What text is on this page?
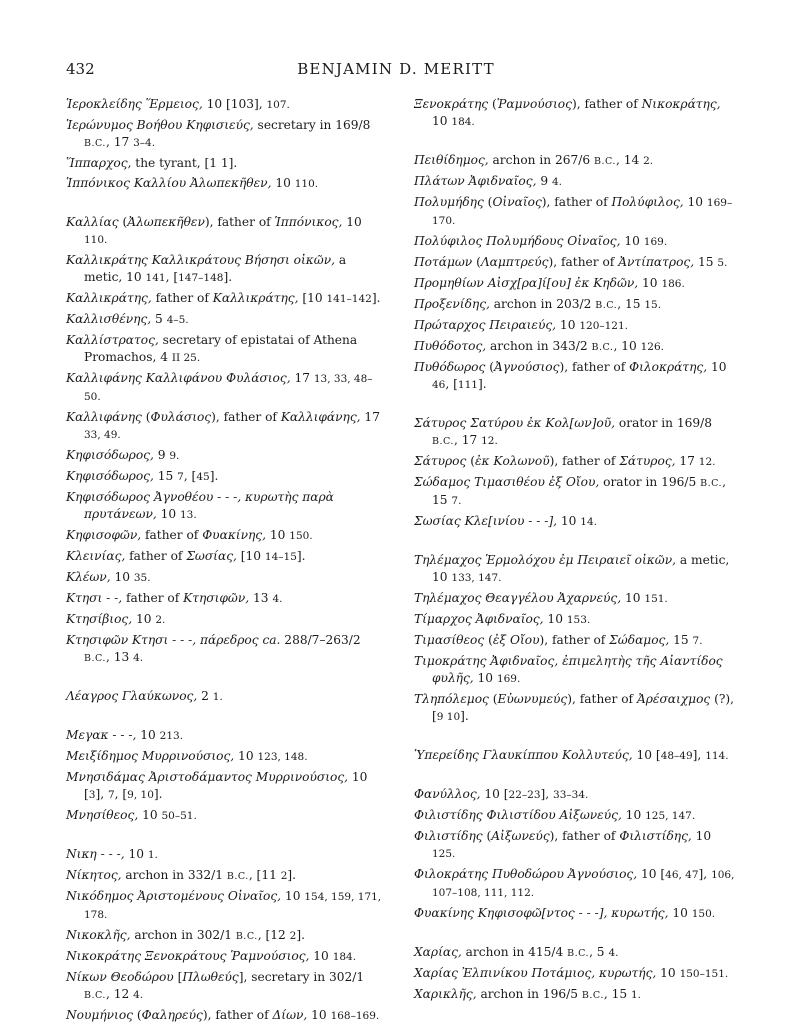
432	BENJAMIN D. MERITT

Ἱεροκλείδης Ἕρμειος, 10 [103], 107.

Ἱερώνυμος Βοήθου Κηφισιεύς, secretary in 169/8 B.C., 17 3–4.

Ἵππαρχος, the tyrant, [1 1].

Ἱππόνικος Καλλίου Ἀλωπεκῆθεν, 10 110.

Καλλίας (Ἀλωπεκῆθεν), father of Ἱππόνικος, 10 110.

Καλλικράτης Καλλικράτους Βήσησι οἰκῶν, a metic, 10 141, [147–148].

Καλλικράτης, father of Καλλικράτης, [10 141–142].

Καλλισθένης, 5 4–5.

Καλλίστρατος, secretary of epistatai of Athena Promachos, 4 II 25.

Καλλιφάνης Καλλιφάνου Φυλάσιος, 17 13, 33, 48–50.

Καλλιφάνης (Φυλάσιος), father of Καλλιφάνης, 17 33, 49.

Κηφισόδωρος, 9 9.

Κηφισόδωρος, 15 7, [45].

Κηφισόδωρος Ἀγνοθέου - - -, κυρωτὴς παρὰ πρυτάνεων, 10 13.

Κηφισοφῶν, father of Φυακίνης, 10 150.

Κλεινίας, father of Σωσίας, [10 14–15].

Κλέων, 10 35.

Κτησι - -, father of Κτησιφῶν, 13 4.

Κτησίβιος, 10 2.

Κτησιφῶν Κτησι - - -, πάρεδρος ca. 288/7–263/2 B.C., 13 4.

Λέαγρος Γλαύκωνος, 2 1.

Μεγακ - - -, 10 213.

Μειξίδημος Μυρρινούσιος, 10 123, 148.

Μνησιδάμας Ἀριστοδάμαντος Μυρρινούσιος, 10 [3], 7, [9, 10].

Μνησίθεος, 10 50–51.

Νικη - - -, 10 1.

Νίκητος, archon in 332/1 B.C., [11 2].

Νικόδημος Ἀριστομένους Οἰναῖος, 10 154, 159, 171, 178.

Νικοκλῆς, archon in 302/1 B.C., [12 2].

Νικοκράτης Ξενοκράτους Ῥαμνούσιος, 10 184.

Νίκων Θεοδώρου [Πλωθεύς], secretary in 302/1 B.C., 12 4.

Νουμήνιος (Φαληρεύς), father of Δίων, 10 168–169.

Ξενοκράτης (Ῥαμνούσιος), father of Νικοκράτης, 10 184.

Πειθίδημος, archon in 267/6 B.C., 14 2.

Πλάτων Ἀφιδναῖος, 9 4.

Πολυμήδης (Οἰναῖος), father of Πολύφιλος, 10 169–170.

Πολύφιλος Πολυμήδους Οἰναῖος, 10 169.

Ποτάμων (Λαμπτρεύς), father of Ἀντίπατρος, 15 5.

Προμηθίων Αἰσχ[ρα]ί[ου] ἐκ Κηδῶν, 10 186.

Προξενίδης, archon in 203/2 B.C., 15 15.

Πρώταρχος Πειραιεύς, 10 120–121.

Πυθόδοτος, archon in 343/2 B.C., 10 126.

Πυθόδωρος (Ἀγνούσιος), father of Φιλοκράτης, 10 46, [111].

Σάτυρος Σατύρου ἐκ Κολ[ων]οῦ, orator in 169/8 B.C., 17 12.

Σάτυρος (ἐκ Κολωνοῦ), father of Σάτυρος, 17 12.

Σώδαμος Τιμασιθέου ἐξ Οἴου, orator in 196/5 B.C., 15 7.

Σωσίας Κλε[ινίου - - -], 10 14.

Τηλέμαχος Ἑρμολόχου ἐμ Πειραιεῖ οἰκῶν, a metic, 10 133, 147.

Τηλέμαχος Θεαγγέλου Ἀχαρνεύς, 10 151.

Τίμαρχος Ἀφιδναῖος, 10 153.

Τιμασίθεος (ἐξ Οἴου), father of Σώδαμος, 15 7.

Τιμοκράτης Ἀφιδναῖος, ἐπιμελητὴς τῆς Αἰαντίδος φυλῆς, 10 169.

Τληπόλεμος (Εὐωνυμεύς), father of Ἀρέσαιχμος (?), [9 10].

Ὑπερείδης Γλαυκίππου Κολλυτεύς, 10 [48–49], 114.

Φανύλλος, 10 [22–23], 33–34.

Φιλιστίδης Φιλιστίδου Αἰξωνεύς, 10 125, 147.

Φιλιστίδης (Αἰξωνεύς), father of Φιλιστίδης, 10 125.

Φιλοκράτης Πυθοδώρου Ἀγνούσιος, 10 [46, 47], 106, 107–108, 111, 112.

Φυακίνης Κηφισοφῶ[ντος - - -], κυρωτής, 10 150.

Χαρίας, archon in 415/4 B.C., 5 4.

Χαρίας Ἐλπινίκου Ποτάμιος, κυρωτής, 10 150–151.

Χαρικλῆς, archon in 196/5 B.C., 15 1.
